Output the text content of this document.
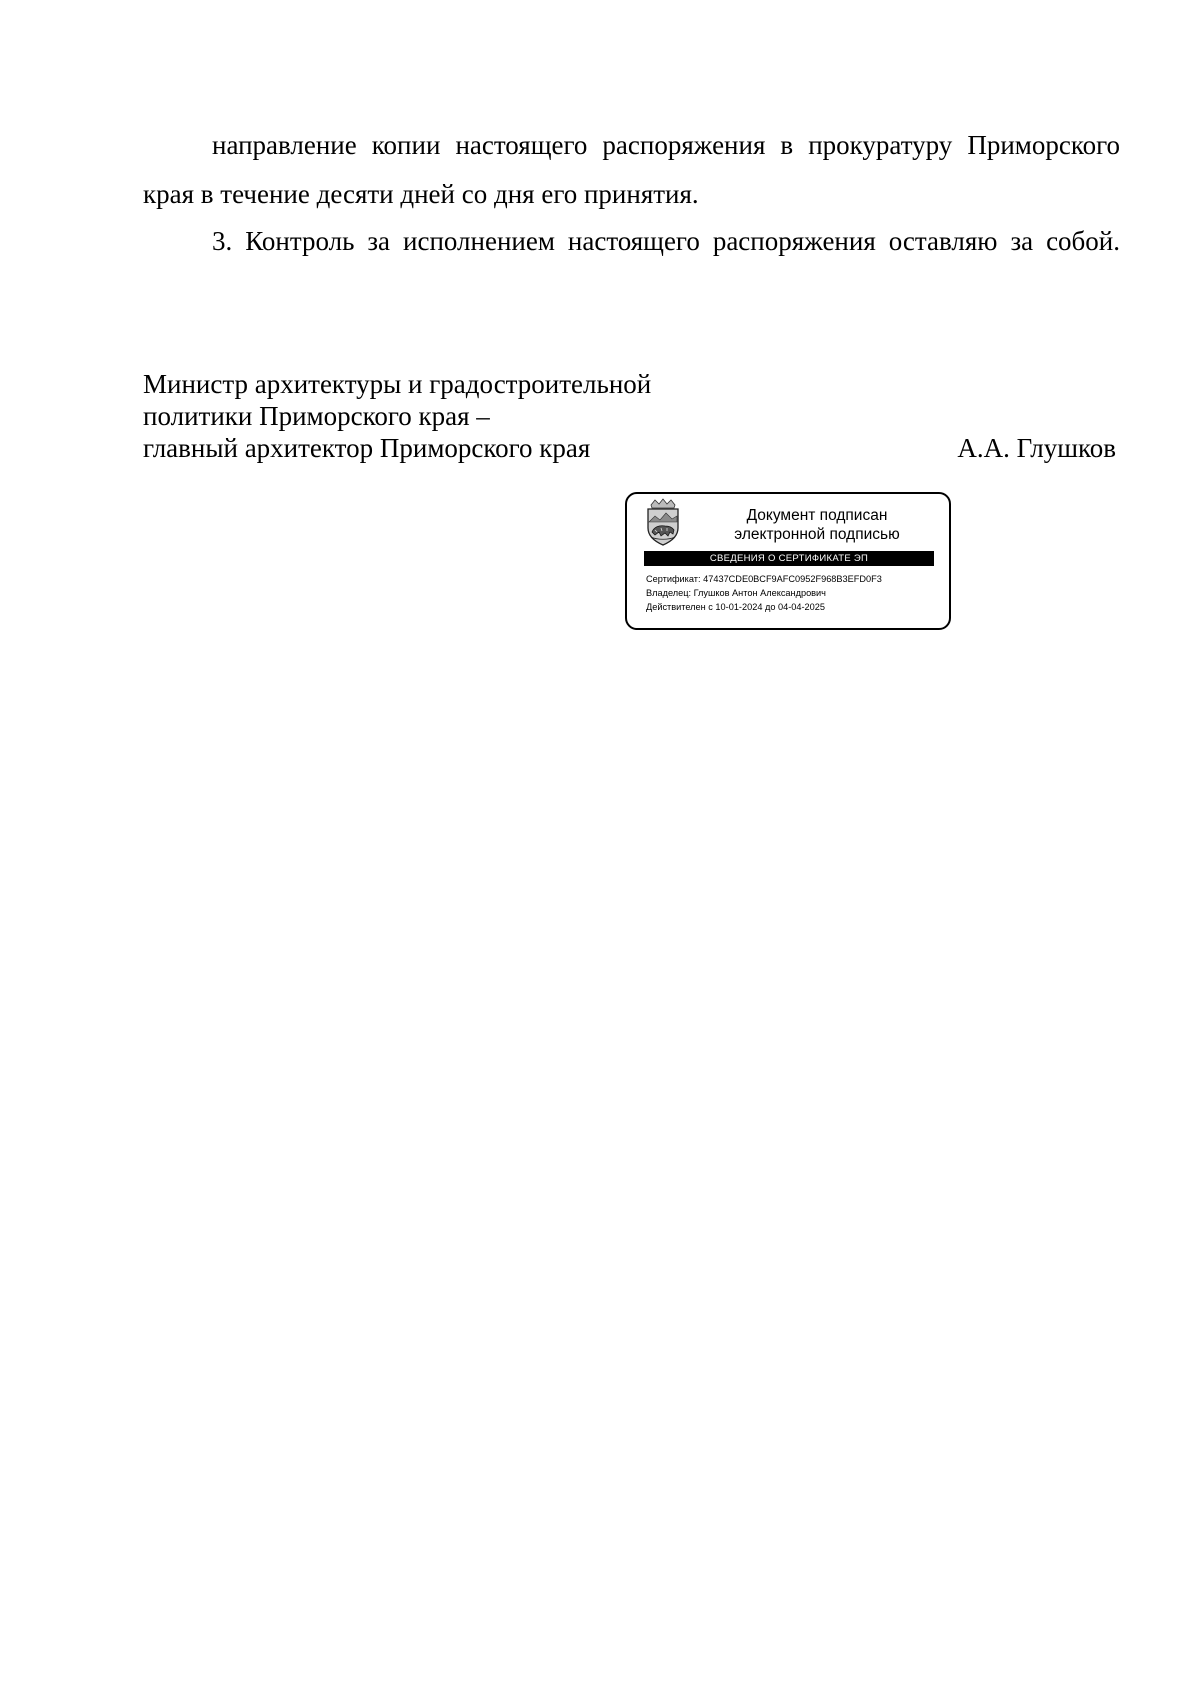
направление копии настоящего распоряжения в прокуратуру Приморского
края в течение десяти дней со дня его принятия.
3. Контроль за исполнением настоящего распоряжения оставляю за собой.
Министр архитектуры и градостроительной
политики Приморского края –
главный архитектор Приморского края	А.А. Глушков
Документ подписан
электронной подписью
СВЕДЕНИЯ О СЕРТИФИКАТЕ ЭП
Сертификат: 47437CDE0BCF9AFC0952F968B3EFD0F3
Владелец: Глушков Антон Александрович
Действителен с 10-01-2024 до 04-04-2025
